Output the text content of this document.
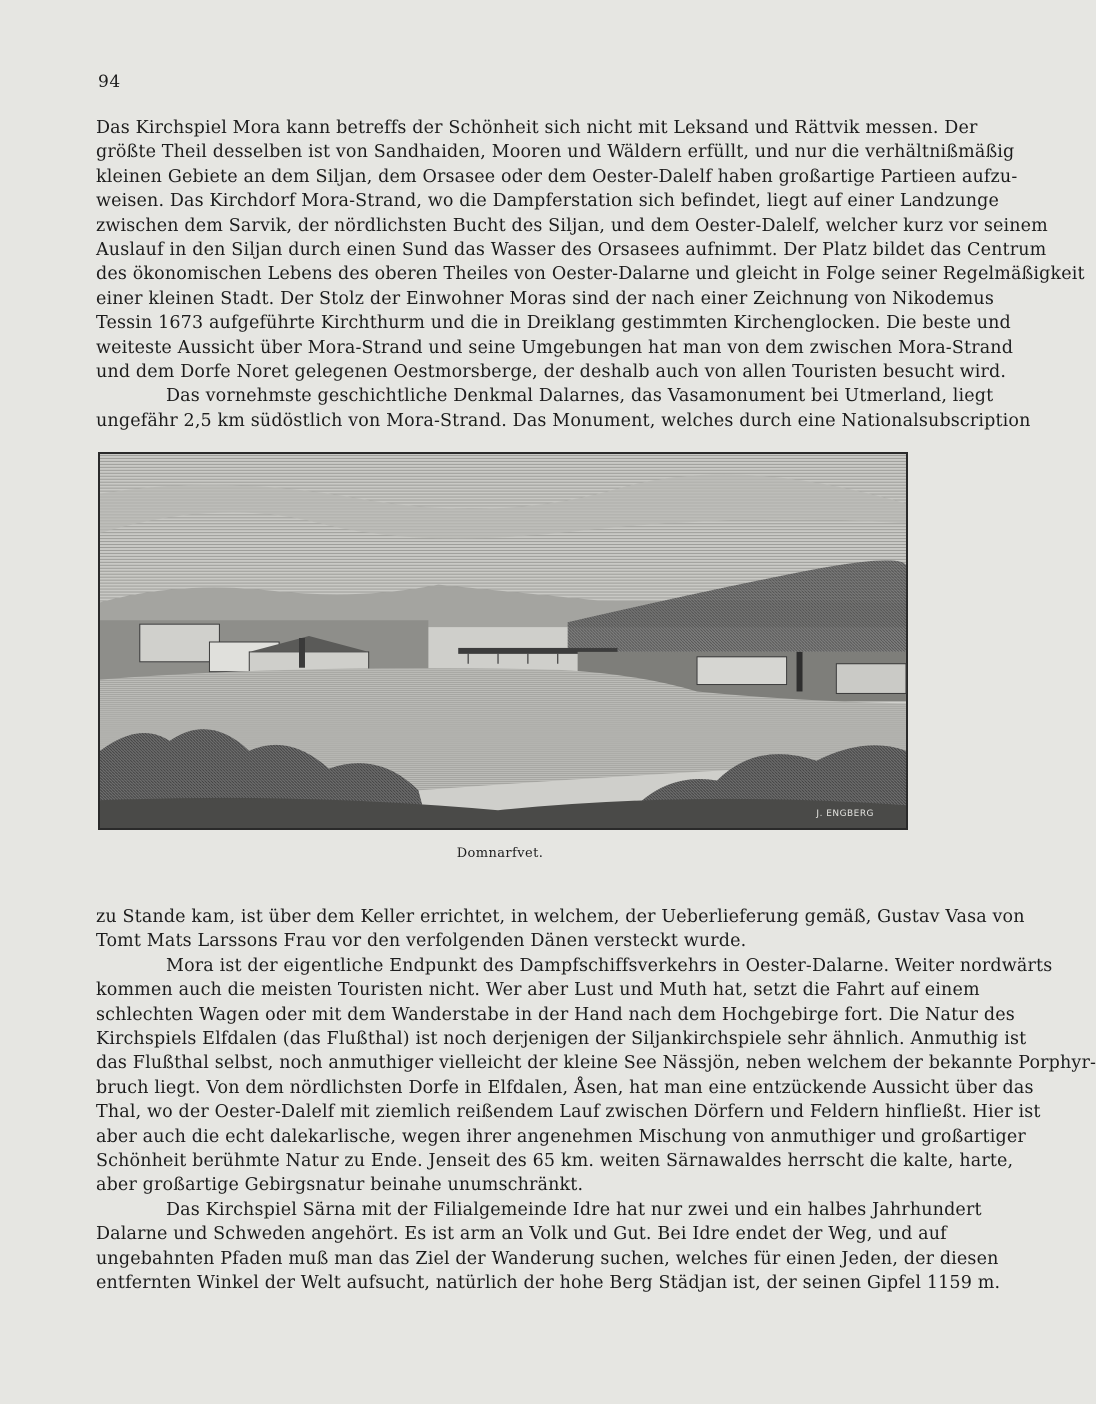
94
Das Kirchspiel Mora kann betreffs der Schönheit sich nicht mit Leksand und Rättvik messen. Der
größte Theil desselben ist von Sandhaiden, Mooren und Wäldern erfüllt, und nur die verhältnißmäßig
kleinen Gebiete an dem Siljan, dem Orsasee oder dem Oester-Dalelf haben großartige Partieen aufzu-
weisen. Das Kirchdorf Mora-Strand, wo die Dampferstation sich befindet, liegt auf einer Landzunge
zwischen dem Sarvik, der nördlichsten Bucht des Siljan, und dem Oester-Dalelf, welcher kurz vor seinem
Auslauf in den Siljan durch einen Sund das Wasser des Orsasees aufnimmt. Der Platz bildet das Centrum
des ökonomischen Lebens des oberen Theiles von Oester-Dalarne und gleicht in Folge seiner Regelmäßigkeit
einer kleinen Stadt. Der Stolz der Einwohner Moras sind der nach einer Zeichnung von Nikodemus
Tessin 1673 aufgeführte Kirchthurm und die in Dreiklang gestimmten Kirchenglocken. Die beste und
weiteste Aussicht über Mora-Strand und seine Umgebungen hat man von dem zwischen Mora-Strand
und dem Dorfe Noret gelegenen Oestmorsberge, der deshalb auch von allen Touristen besucht wird.
Das vornehmste geschichtliche Denkmal Dalarnes, das Vasamonument bei Utmerland, liegt
ungefähr 2,5 km südöstlich von Mora-Strand. Das Monument, welches durch eine Nationalsubscription
J. ENGBERG
Domnarfvet.
zu Stande kam, ist über dem Keller errichtet, in welchem, der Ueberlieferung gemäß, Gustav Vasa von
Tomt Mats Larssons Frau vor den verfolgenden Dänen versteckt wurde.
Mora ist der eigentliche Endpunkt des Dampfschiffsverkehrs in Oester-Dalarne. Weiter nordwärts
kommen auch die meisten Touristen nicht. Wer aber Lust und Muth hat, setzt die Fahrt auf einem
schlechten Wagen oder mit dem Wanderstabe in der Hand nach dem Hochgebirge fort. Die Natur des
Kirchspiels Elfdalen (das Flußthal) ist noch derjenigen der Siljankirchspiele sehr ähnlich. Anmuthig ist
das Flußthal selbst, noch anmuthiger vielleicht der kleine See Nässjön, neben welchem der bekannte Porphyr-
bruch liegt. Von dem nördlichsten Dorfe in Elfdalen, Åsen, hat man eine entzückende Aussicht über das
Thal, wo der Oester-Dalelf mit ziemlich reißendem Lauf zwischen Dörfern und Feldern hinfließt. Hier ist
aber auch die echt dalekarlische, wegen ihrer angenehmen Mischung von anmuthiger und großartiger
Schönheit berühmte Natur zu Ende. Jenseit des 65 km. weiten Särnawaldes herrscht die kalte, harte,
aber großartige Gebirgsnatur beinahe unumschränkt.
Das Kirchspiel Särna mit der Filialgemeinde Idre hat nur zwei und ein halbes Jahrhundert
Dalarne und Schweden angehört. Es ist arm an Volk und Gut. Bei Idre endet der Weg, und auf
ungebahnten Pfaden muß man das Ziel der Wanderung suchen, welches für einen Jeden, der diesen
entfernten Winkel der Welt aufsucht, natürlich der hohe Berg Städjan ist, der seinen Gipfel 1159 m.
